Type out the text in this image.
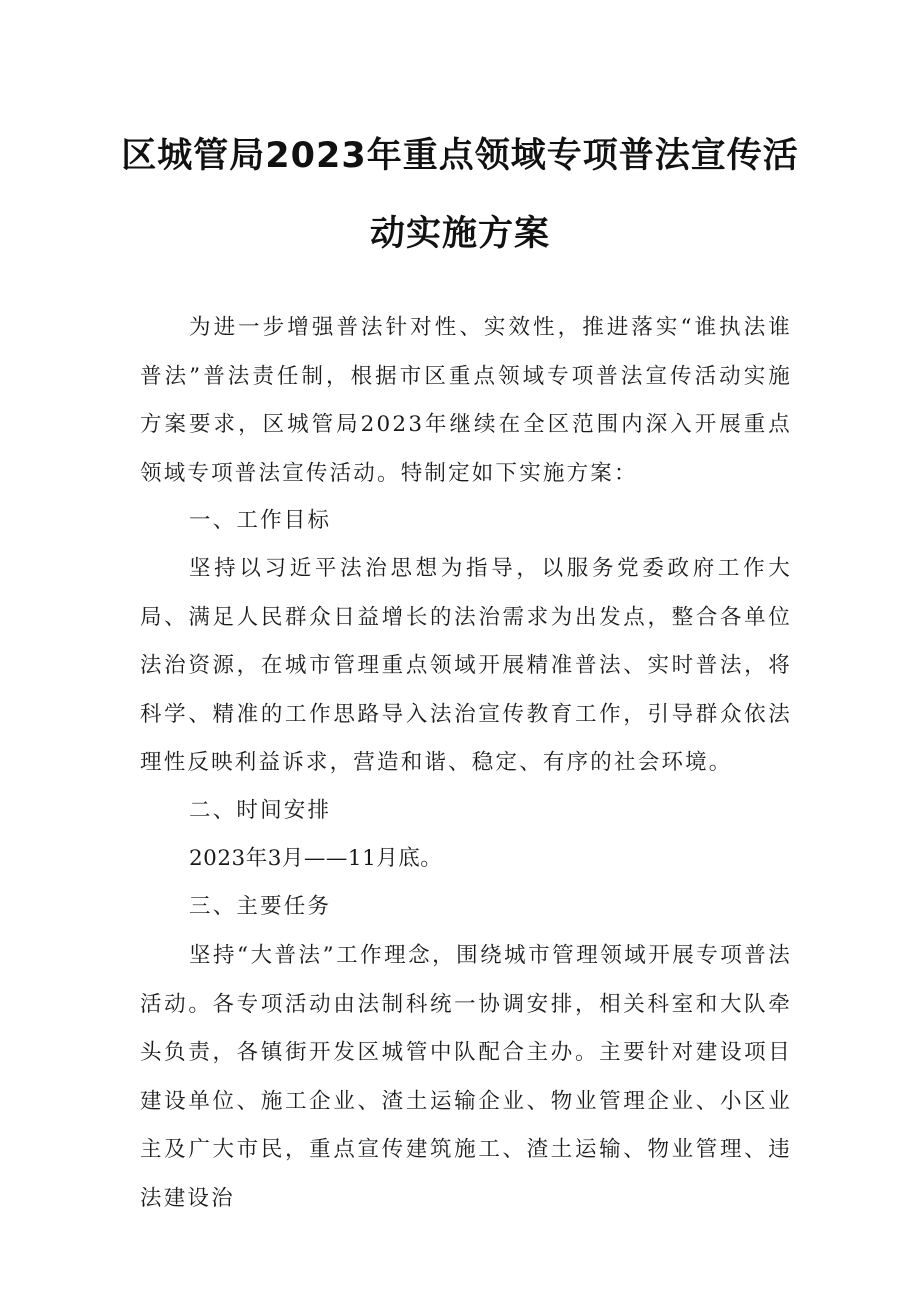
区城管局2023年重点领域专项普法宣传活
动实施方案

为进一步增强普法针对性、实效性，推进落实“谁执法谁普法”普法责任制，根据市区重点领域专项普法宣传活动实施方案要求，区城管局2023年继续在全区范围内深入开展重点领域专项普法宣传活动。特制定如下实施方案：

一、工作目标

坚持以习近平法治思想为指导，以服务党委政府工作大局、满足人民群众日益增长的法治需求为出发点，整合各单位法治资源，在城市管理重点领域开展精准普法、实时普法，将科学、精准的工作思路导入法治宣传教育工作，引导群众依法理性反映利益诉求，营造和谐、稳定、有序的社会环境。

二、时间安排

2023年3月——11月底。

三、主要任务

坚持“大普法”工作理念，围绕城市管理领域开展专项普法活动。各专项活动由法制科统一协调安排，相关科室和大队牵头负责，各镇街开发区城管中队配合主办。主要针对建设项目建设单位、施工企业、渣土运输企业、物业管理企业、小区业主及广大市民，重点宣传建筑施工、渣土运输、物业管理、违法建设治
